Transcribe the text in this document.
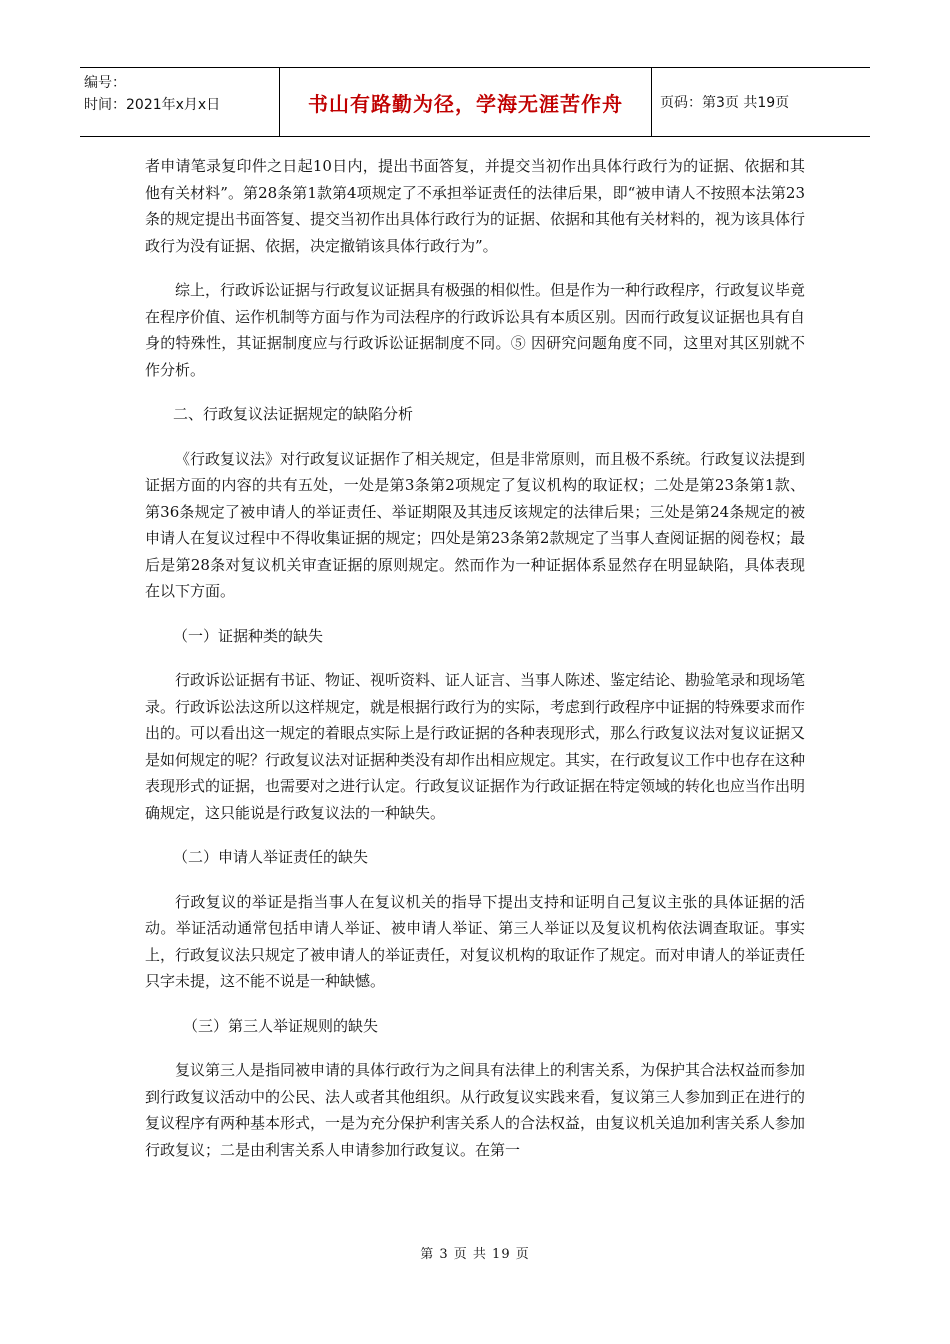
编号：
时间：2021年x月x日	书山有路勤为径，学海无涯苦作舟	页码：第3页 共19页

者申请笔录复印件之日起10日内，提出书面答复，并提交当初作出具体行政行为的证据、依据和其他有关材料”。第28条第1款第4项规定了不承担举证责任的法律后果，即“被申请人不按照本法第23条的规定提出书面答复、提交当初作出具体行政行为的证据、依据和其他有关材料的，视为该具体行政行为没有证据、依据，决定撤销该具体行政行为”。

综上，行政诉讼证据与行政复议证据具有极强的相似性。但是作为一种行政程序，行政复议毕竟在程序价值、运作机制等方面与作为司法程序的行政诉讼具有本质区别。因而行政复议证据也具有自身的特殊性，其证据制度应与行政诉讼证据制度不同。⑤ 因研究问题角度不同，这里对其区别就不作分析。

二、行政复议法证据规定的缺陷分析

《行政复议法》对行政复议证据作了相关规定，但是非常原则，而且极不系统。行政复议法提到证据方面的内容的共有五处，一处是第3条第2项规定了复议机构的取证权；二处是第23条第1款、第36条规定了被申请人的举证责任、举证期限及其违反该规定的法律后果；三处是第24条规定的被申请人在复议过程中不得收集证据的规定；四处是第23条第2款规定了当事人查阅证据的阅卷权；最后是第28条对复议机关审查证据的原则规定。然而作为一种证据体系显然存在明显缺陷，具体表现在以下方面。

（一）证据种类的缺失

行政诉讼证据有书证、物证、视听资料、证人证言、当事人陈述、鉴定结论、勘验笔录和现场笔录。行政诉讼法这所以这样规定，就是根据行政行为的实际，考虑到行政程序中证据的特殊要求而作出的。可以看出这一规定的着眼点实际上是行政证据的各种表现形式，那么行政复议法对复议证据又是如何规定的呢？行政复议法对证据种类没有却作出相应规定。其实，在行政复议工作中也存在这种表现形式的证据，也需要对之进行认定。行政复议证据作为行政证据在特定领域的转化也应当作出明确规定，这只能说是行政复议法的一种缺失。

（二）申请人举证责任的缺失

行政复议的举证是指当事人在复议机关的指导下提出支持和证明自己复议主张的具体证据的活动。举证活动通常包括申请人举证、被申请人举证、第三人举证以及复议机构依法调查取证。事实上，行政复议法只规定了被申请人的举证责任，对复议机构的取证作了规定。而对申请人的举证责任只字未提，这不能不说是一种缺憾。

（三）第三人举证规则的缺失

复议第三人是指同被申请的具体行政行为之间具有法律上的利害关系，为保护其合法权益而参加到行政复议活动中的公民、法人或者其他组织。从行政复议实践来看，复议第三人参加到正在进行的复议程序有两种基本形式，一是为充分保护利害关系人的合法权益，由复议机关追加利害关系人参加行政复议；二是由利害关系人申请参加行政复议。在第一

第 3 页 共 19 页
